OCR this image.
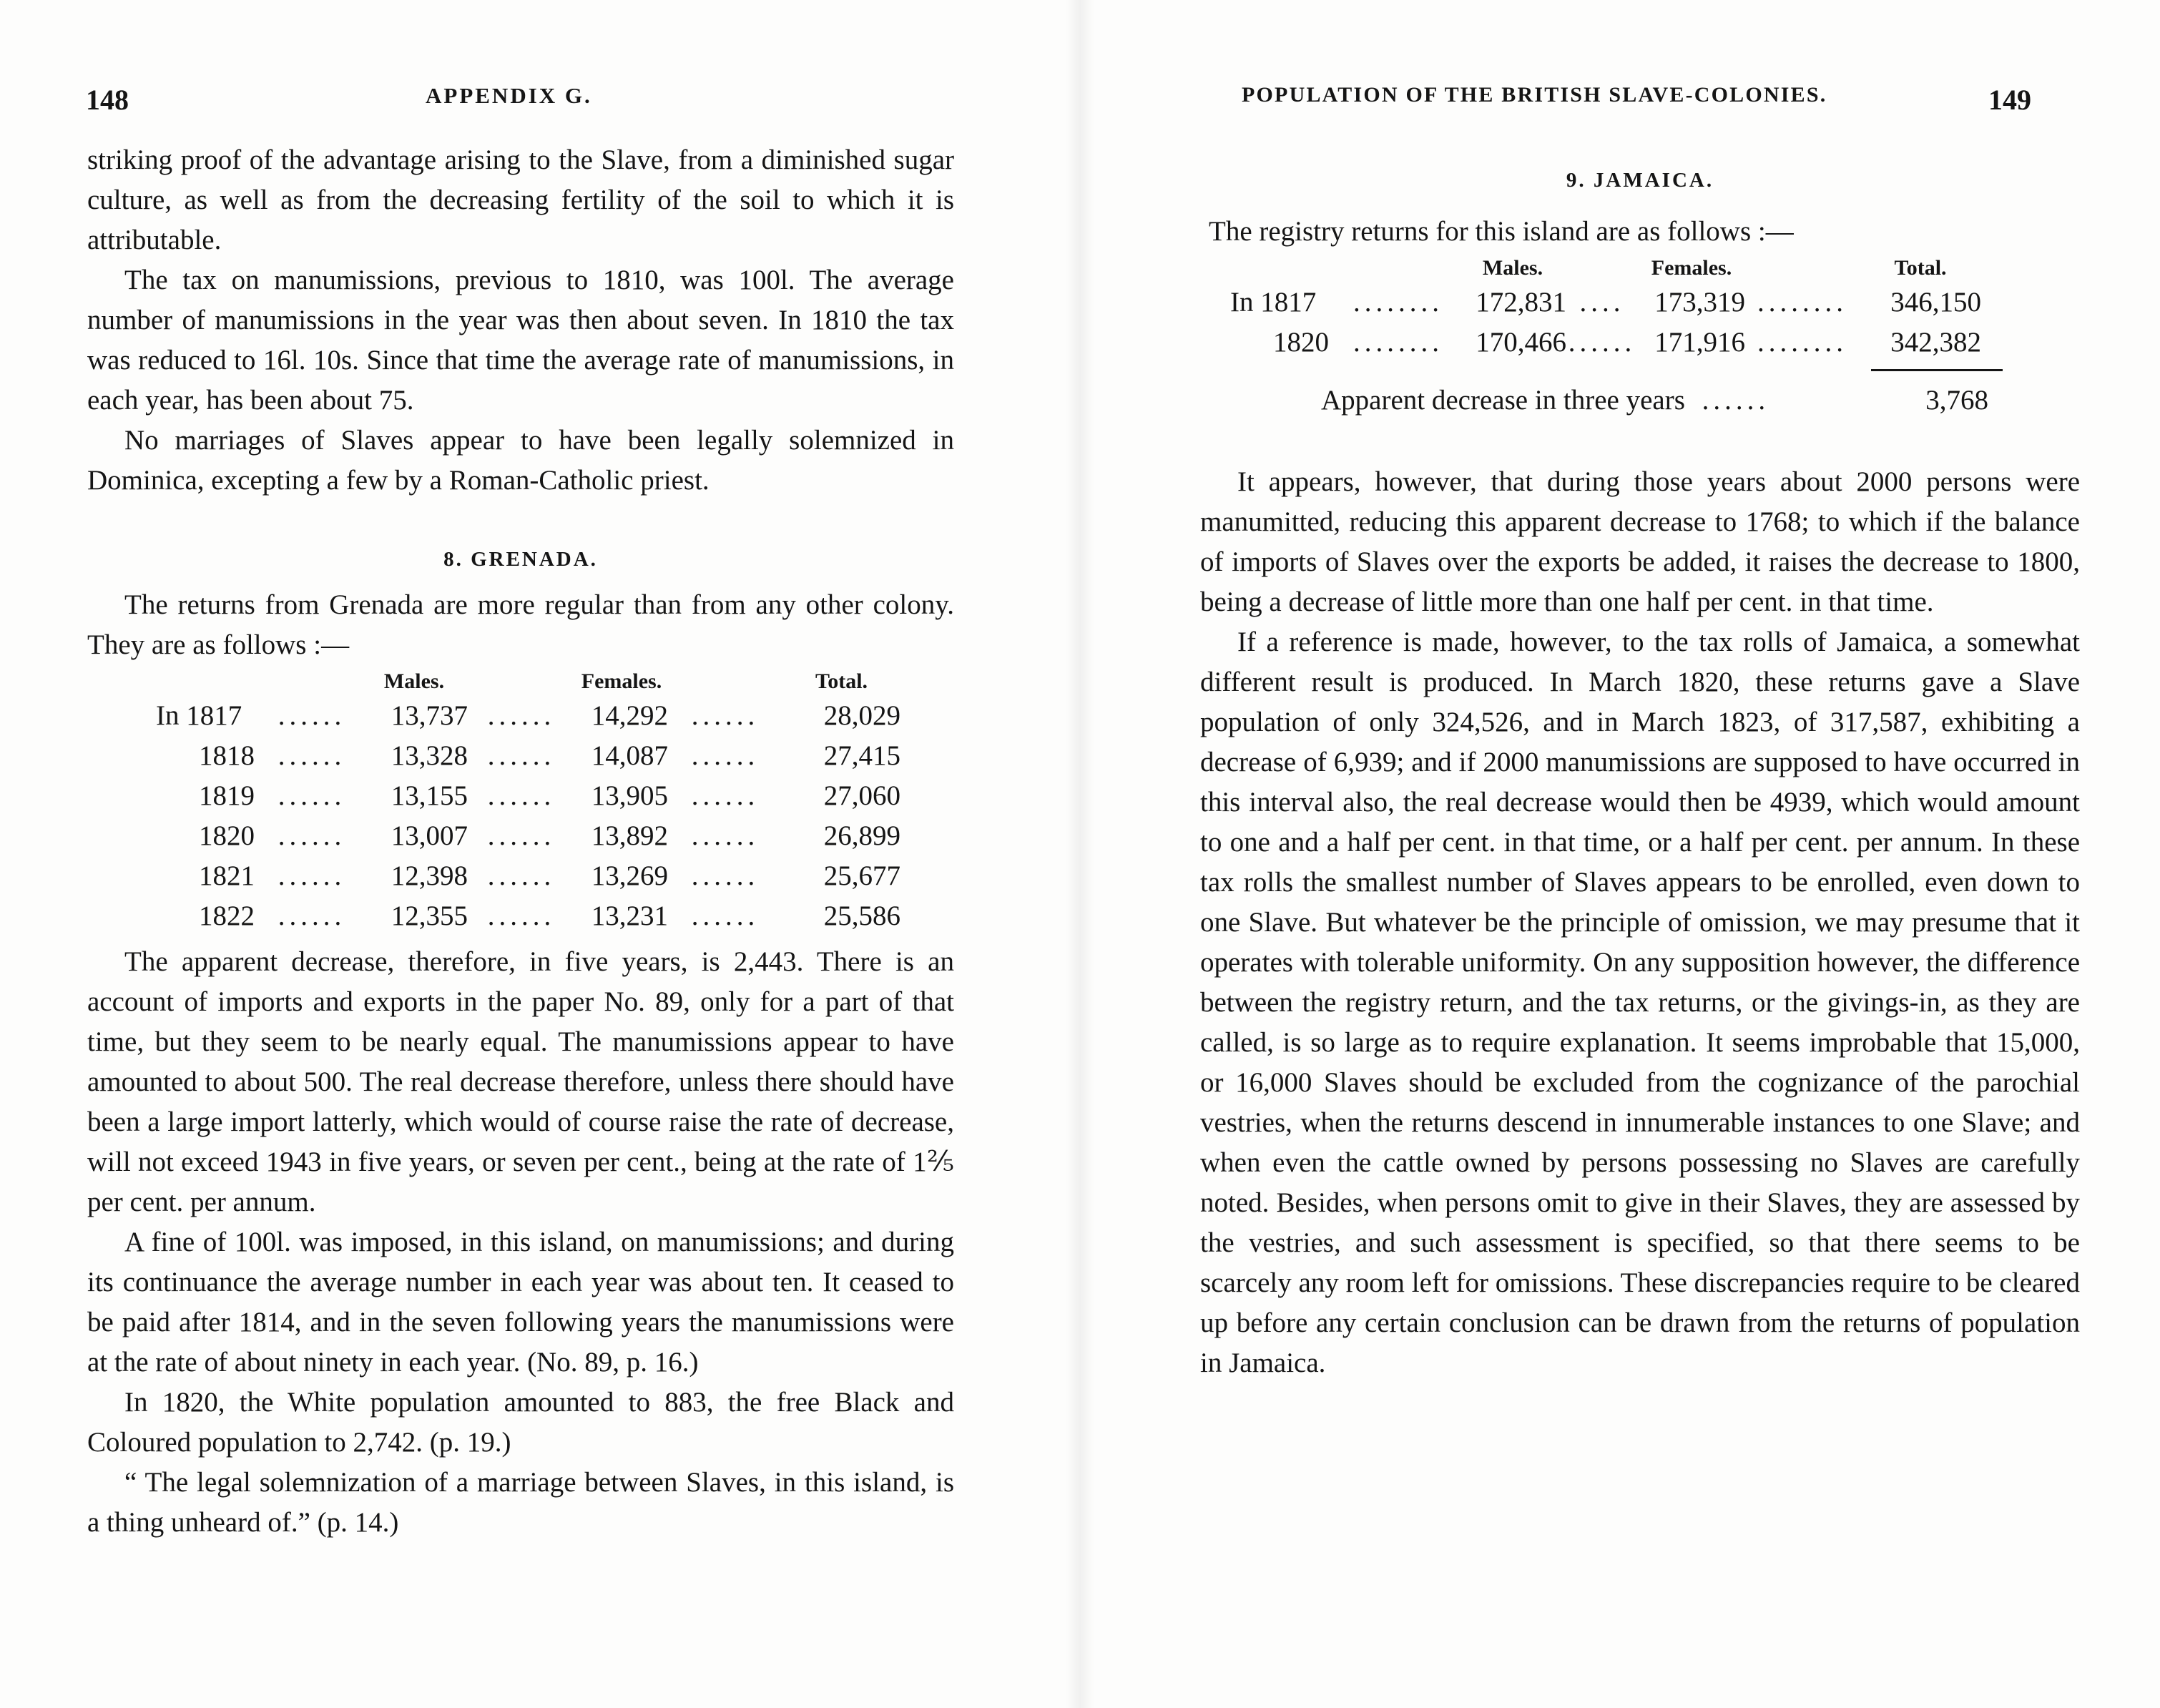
148	APPENDIX G.

striking proof of the advantage arising to the Slave, from a diminished sugar culture, as well as from the decreasing fertility of the soil to which it is attributable.

The tax on manumissions, previous to 1810, was 100l. The average number of manumissions in the year was then about seven. In 1810 the tax was reduced to 16l. 10s. Since that time the average rate of manumissions, in each year, has been about 75.

No marriages of Slaves appear to have been legally solemnized in Dominica, excepting a few by a Roman-Catholic priest.

8. GRENADA.

The returns from Grenada are more regular than from any other colony. They are as follows :—

		Males.		Females.		Total.
In 1817	......	13,737	......	14,292	......	28,029
1818	......	13,328	......	14,087	......	27,415
1819	......	13,155	......	13,905	......	27,060
1820	......	13,007	......	13,892	......	26,899
1821	......	12,398	......	13,269	......	25,677
1822	......	12,355	......	13,231	......	25,586

The apparent decrease, therefore, in five years, is 2,443. There is an account of imports and exports in the paper No. 89, only for a part of that time, but they seem to be nearly equal. The manumissions appear to have amounted to about 500. The real decrease therefore, unless there should have been a large import latterly, which would of course raise the rate of decrease, will not exceed 1943 in five years, or seven per cent., being at the rate of 1⅖ per cent. per annum.

A fine of 100l. was imposed, in this island, on manumissions; and during its continuance the average number in each year was about ten. It ceased to be paid after 1814, and in the seven following years the manumissions were at the rate of about ninety in each year. (No. 89, p. 16.)

In 1820, the White population amounted to 883, the free Black and Coloured population to 2,742. (p. 19.)

“ The legal solemnization of a marriage between Slaves, in this island, is a thing unheard of.” (p. 14.)

POPULATION OF THE BRITISH SLAVE-COLONIES.	149
9. JAMAICA.

The registry returns for this island are as follows :—

		Males.		Females.		Total.
In 1817	........	172,831	....	173,319	........	346,150
1820	........	170,466	......	171,916	........	342,382
Apparent decrease in three years ......	3,768

It appears, however, that during those years about 2000 persons were manumitted, reducing this apparent decrease to 1768; to which if the balance of imports of Slaves over the exports be added, it raises the decrease to 1800, being a decrease of little more than one half per cent. in that time.

If a reference is made, however, to the tax rolls of Jamaica, a somewhat different result is produced. In March 1820, these returns gave a Slave population of only 324,526, and in March 1823, of 317,587, exhibiting a decrease of 6,939; and if 2000 manumissions are supposed to have occurred in this interval also, the real decrease would then be 4939, which would amount to one and a half per cent. in that time, or a half per cent. per annum. In these tax rolls the smallest number of Slaves appears to be enrolled, even down to one Slave. But whatever be the principle of omission, we may presume that it operates with tolerable uniformity. On any supposition however, the difference between the registry return, and the tax returns, or the givings-in, as they are called, is so large as to require explanation. It seems improbable that 15,000, or 16,000 Slaves should be excluded from the cognizance of the parochial vestries, when the returns descend in innumerable instances to one Slave; and when even the cattle owned by persons possessing no Slaves are carefully noted. Besides, when persons omit to give in their Slaves, they are assessed by the vestries, and such assessment is specified, so that there seems to be scarcely any room left for omissions. These discrepancies require to be cleared up before any certain conclusion can be drawn from the returns of population in Jamaica.
